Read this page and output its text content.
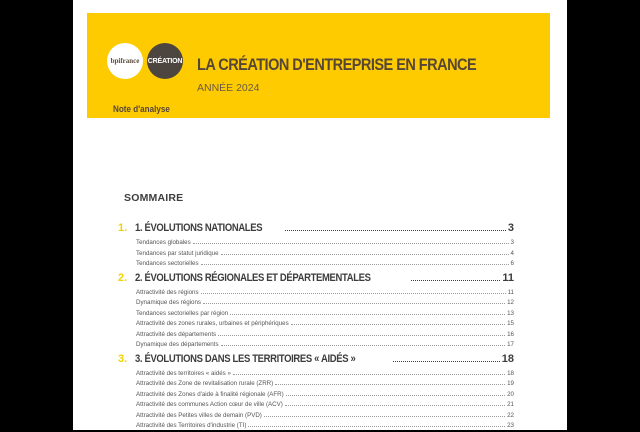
bpifrance CRÉATION LA CRÉATION D'ENTREPRISE EN FRANCE
ANNÉE 2024
Note d'analyse
SOMMAIRE
1. 1. ÉVOLUTIONS NATIONALES	3
Tendances globales	3
Tendances par statut juridique	4
Tendances sectorielles	6
2. 2. ÉVOLUTIONS RÉGIONALES ET DÉPARTEMENTALES	11
Attractivité des régions	11
Dynamique des régions	12
Tendances sectorielles par région	13
Attractivité des zones rurales, urbaines et périphériques	15
Attractivité des départements	16
Dynamique des départements	17
3. 3. ÉVOLUTIONS DANS LES TERRITOIRES « AIDÉS »	18
Attractivité des territoires « aidés »	18
Attractivité des Zone de revitalisation rurale (ZRR)	19
Attractivité des Zones d'aide à finalité régionale (AFR)	20
Attractivité des communes Action cœur de ville (ACV)	21
Attractivité des Petites villes de demain (PVD)	22
Attractivité des Territoires d'industrie (TI)	23
